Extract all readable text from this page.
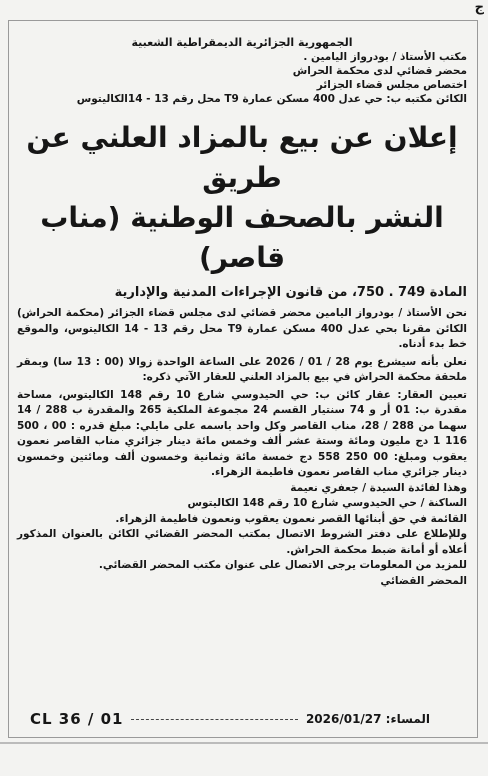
ج
الجمهورية الجزائرية الديمقراطية الشعبية
مكتب الأستاذ / بودرواز اليامين .
محضر قضائي لدى محكمة الحراش
اختصاص مجلس قضاء الجزائر
الكائن مكتبه ب: حي عدل 400 مسكن عمارة T9 محل رقم 13 - 14الكاليتوس
إعلان عن بيع بالمزاد العلني عن طريق
النشر بالصحف الوطنية (مناب قاصر)
المادة 749 . 750، من قانون الإجراءات المدنية والإدارية

نحن الأستاذ / بودرواز اليامين محضر قضائي لدى مجلس قضاء الجزائر (محكمة الحراش) الكائن مقرنا بحي عدل 400 مسكن عمارة T9 محل رقم 13 - 14 الكاليتوس، والموقع خط بدء أدناه.

نعلن بأنه سيشرع يوم 28 / 01 / 2026 على الساعة الواحدة زوالا (00 : 13 سا) وبمقر ملحقة محكمة الحراش في بيع بالمزاد العلني للعقار الآتي ذكره:

تعيين العقار: عقار كائن ب: حي الحيدوسي شارع 10 رقم 148 الكاليتوس، مساحة مقدرة ب: 01 أر و 74 سنتيار القسم 24 مجموعة الملكية 265 والمقدرة ب 288 / 14 سهما من 288 / 28، مناب القاصر وكل واحد باسمه على مايلي: مبلغ قدره : 00 ، 500 116 1 دج مليون ومائة وستة عشر ألف وخمس مائة دينار جزائري مناب القاصر نعمون يعقوب ومبلغ: 00 250 558 دج خمسة مائة وثمانية وخمسون ألف ومائتين وخمسون دينار جزائري مناب القاصر نعمون فاطيمة الزهراء.

وهذا لفائدة السيدة / جعفري نعيمة

الساكنة / حي الحيدوسي شارع 10 رقم 148 الكاليتوس

القائمة في حق أبنائها القصر نعمون يعقوب ونعمون فاطيمة الزهراء.

وللإطلاع على دفتر الشروط الاتصال بمكتب المحضر القضائي الكائن بالعنوان المذكور أعلاه أو أمانة ضبط محكمة الحراش.

للمزيد من المعلومات يرجى الاتصال على عنوان مكتب المحضر القضائي.

المحضر القضائي

CL 36 / 01	المساء: 2026/01/27
